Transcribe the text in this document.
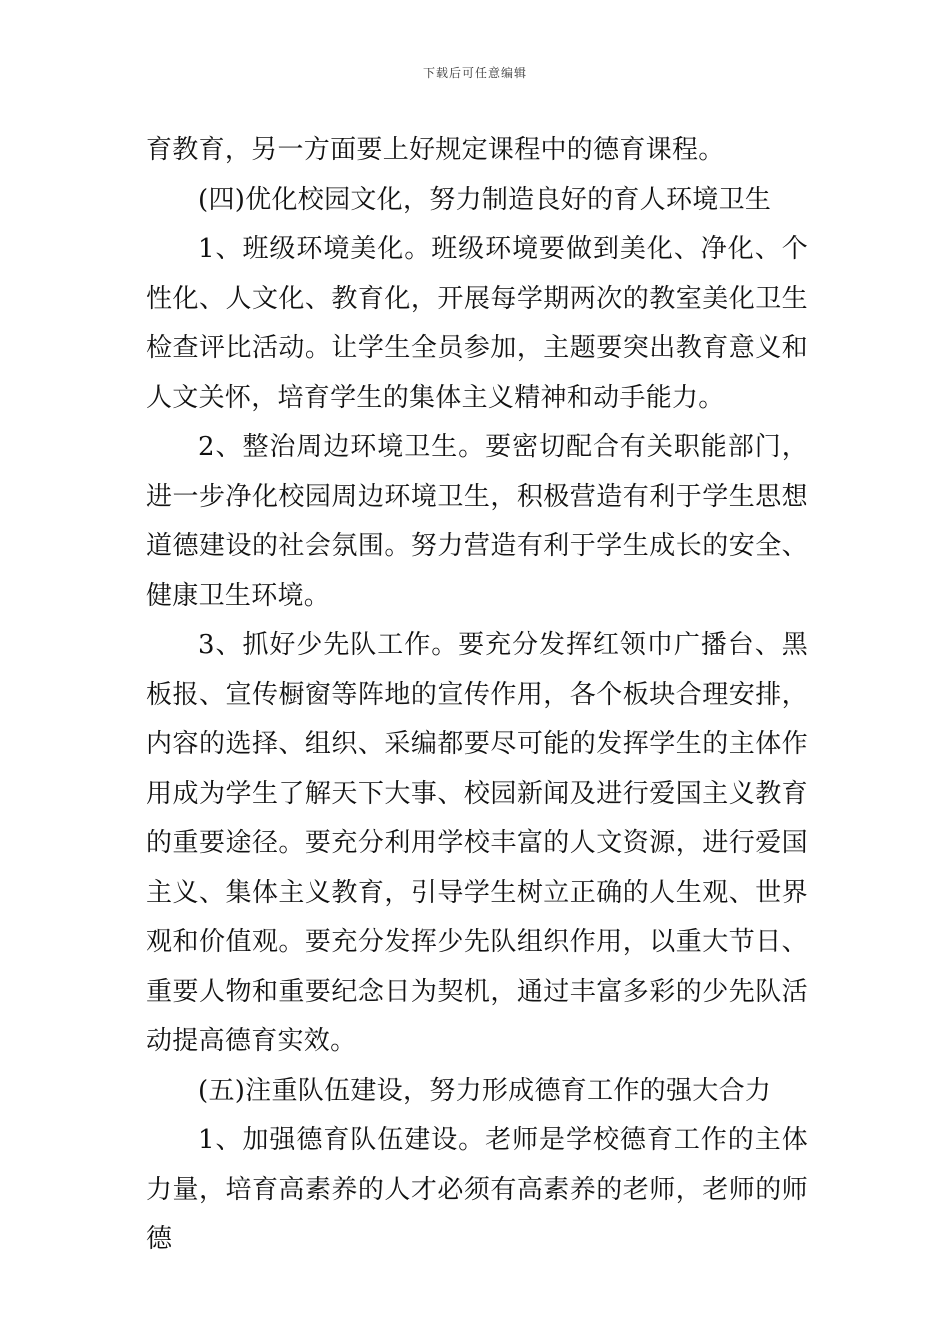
下载后可任意编辑

育教育，另一方面要上好规定课程中的德育课程。

(四)优化校园文化，努力制造良好的育人环境卫生

1、班级环境美化。班级环境要做到美化、净化、个性化、人文化、教育化，开展每学期两次的教室美化卫生检查评比活动。让学生全员参加，主题要突出教育意义和人文关怀，培育学生的集体主义精神和动手能力。

2、整治周边环境卫生。要密切配合有关职能部门，进一步净化校园周边环境卫生，积极营造有利于学生思想道德建设的社会氛围。努力营造有利于学生成长的安全、健康卫生环境。

3、抓好少先队工作。要充分发挥红领巾广播台、黑板报、宣传橱窗等阵地的宣传作用，各个板块合理安排，内容的选择、组织、采编都要尽可能的发挥学生的主体作用成为学生了解天下大事、校园新闻及进行爱国主义教育的重要途径。要充分利用学校丰富的人文资源，进行爱国主义、集体主义教育，引导学生树立正确的人生观、世界观和价值观。要充分发挥少先队组织作用，以重大节日、重要人物和重要纪念日为契机，通过丰富多彩的少先队活动提高德育实效。

(五)注重队伍建设，努力形成德育工作的强大合力

1、加强德育队伍建设。老师是学校德育工作的主体力量，培育高素养的人才必须有高素养的老师，老师的师德
